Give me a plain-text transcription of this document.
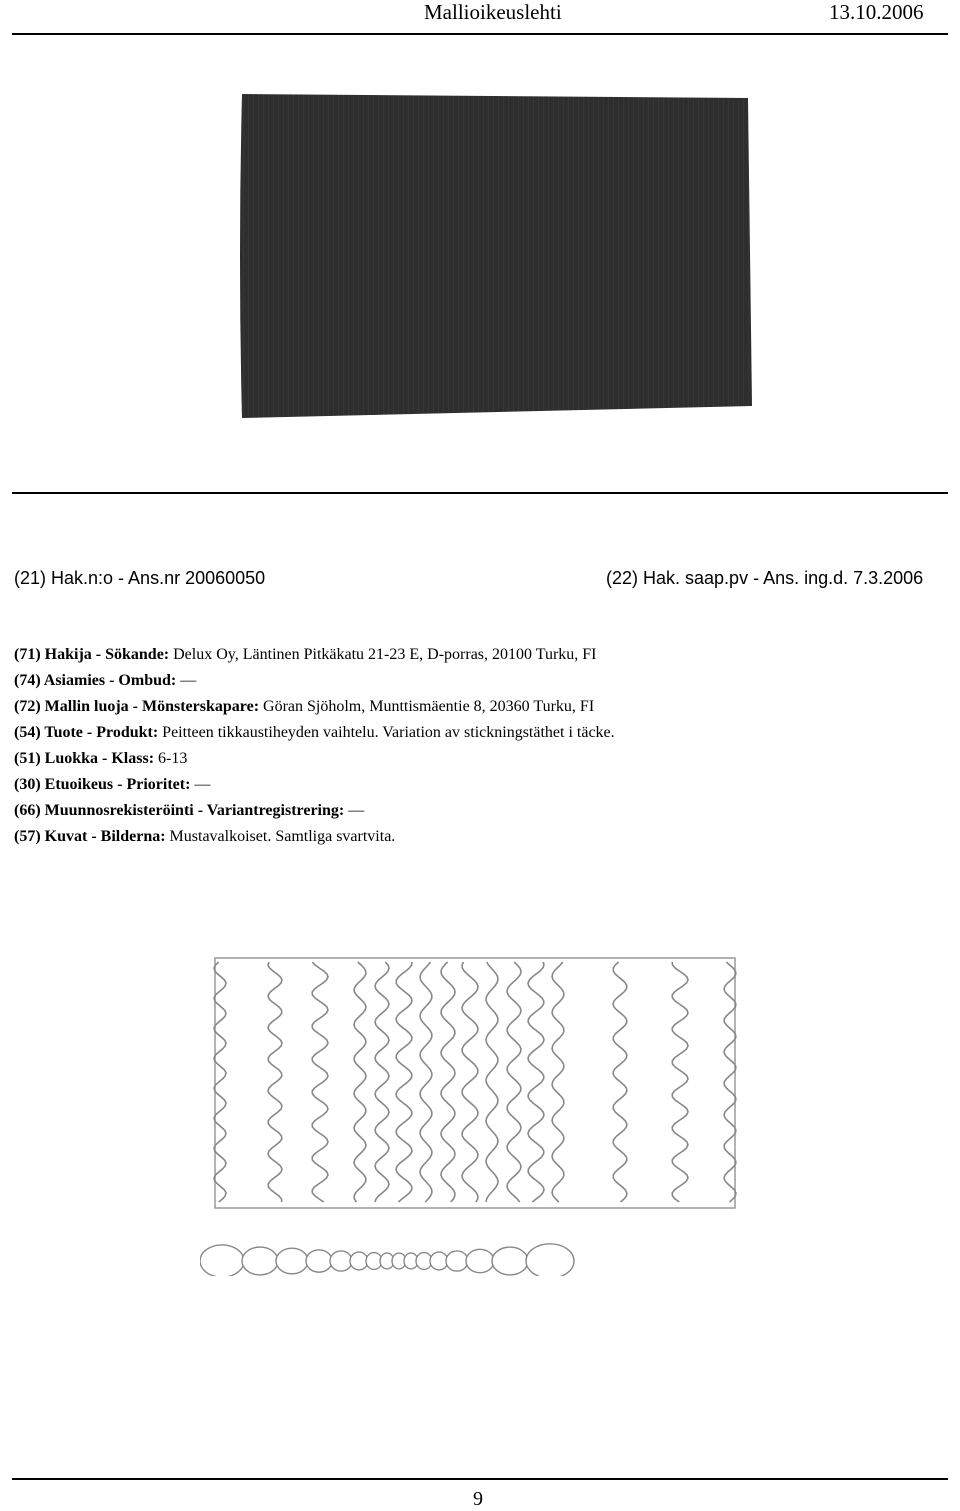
Mallioikeuslehti	13.10.2006
(21) Hak.n:o - Ans.nr 20060050	(22) Hak. saap.pv - Ans. ing.d. 7.3.2006
(71) Hakija - Sökande: Delux Oy, Läntinen Pitkäkatu 21-23 E, D-porras, 20100 Turku, FI
(74) Asiamies - Ombud: —
(72) Mallin luoja - Mönsterskapare: Göran Sjöholm, Munttismäentie 8, 20360 Turku, FI
(54) Tuote - Produkt: Peitteen tikkaustiheyden vaihtelu. Variation av stickningstäthet i täcke.
(51) Luokka - Klass: 6-13
(30) Etuoikeus - Prioritet: —
(66) Muunnosrekisteröinti - Variantregistrering: —
(57) Kuvat - Bilderna: Mustavalkoiset. Samtliga svartvita.
9
